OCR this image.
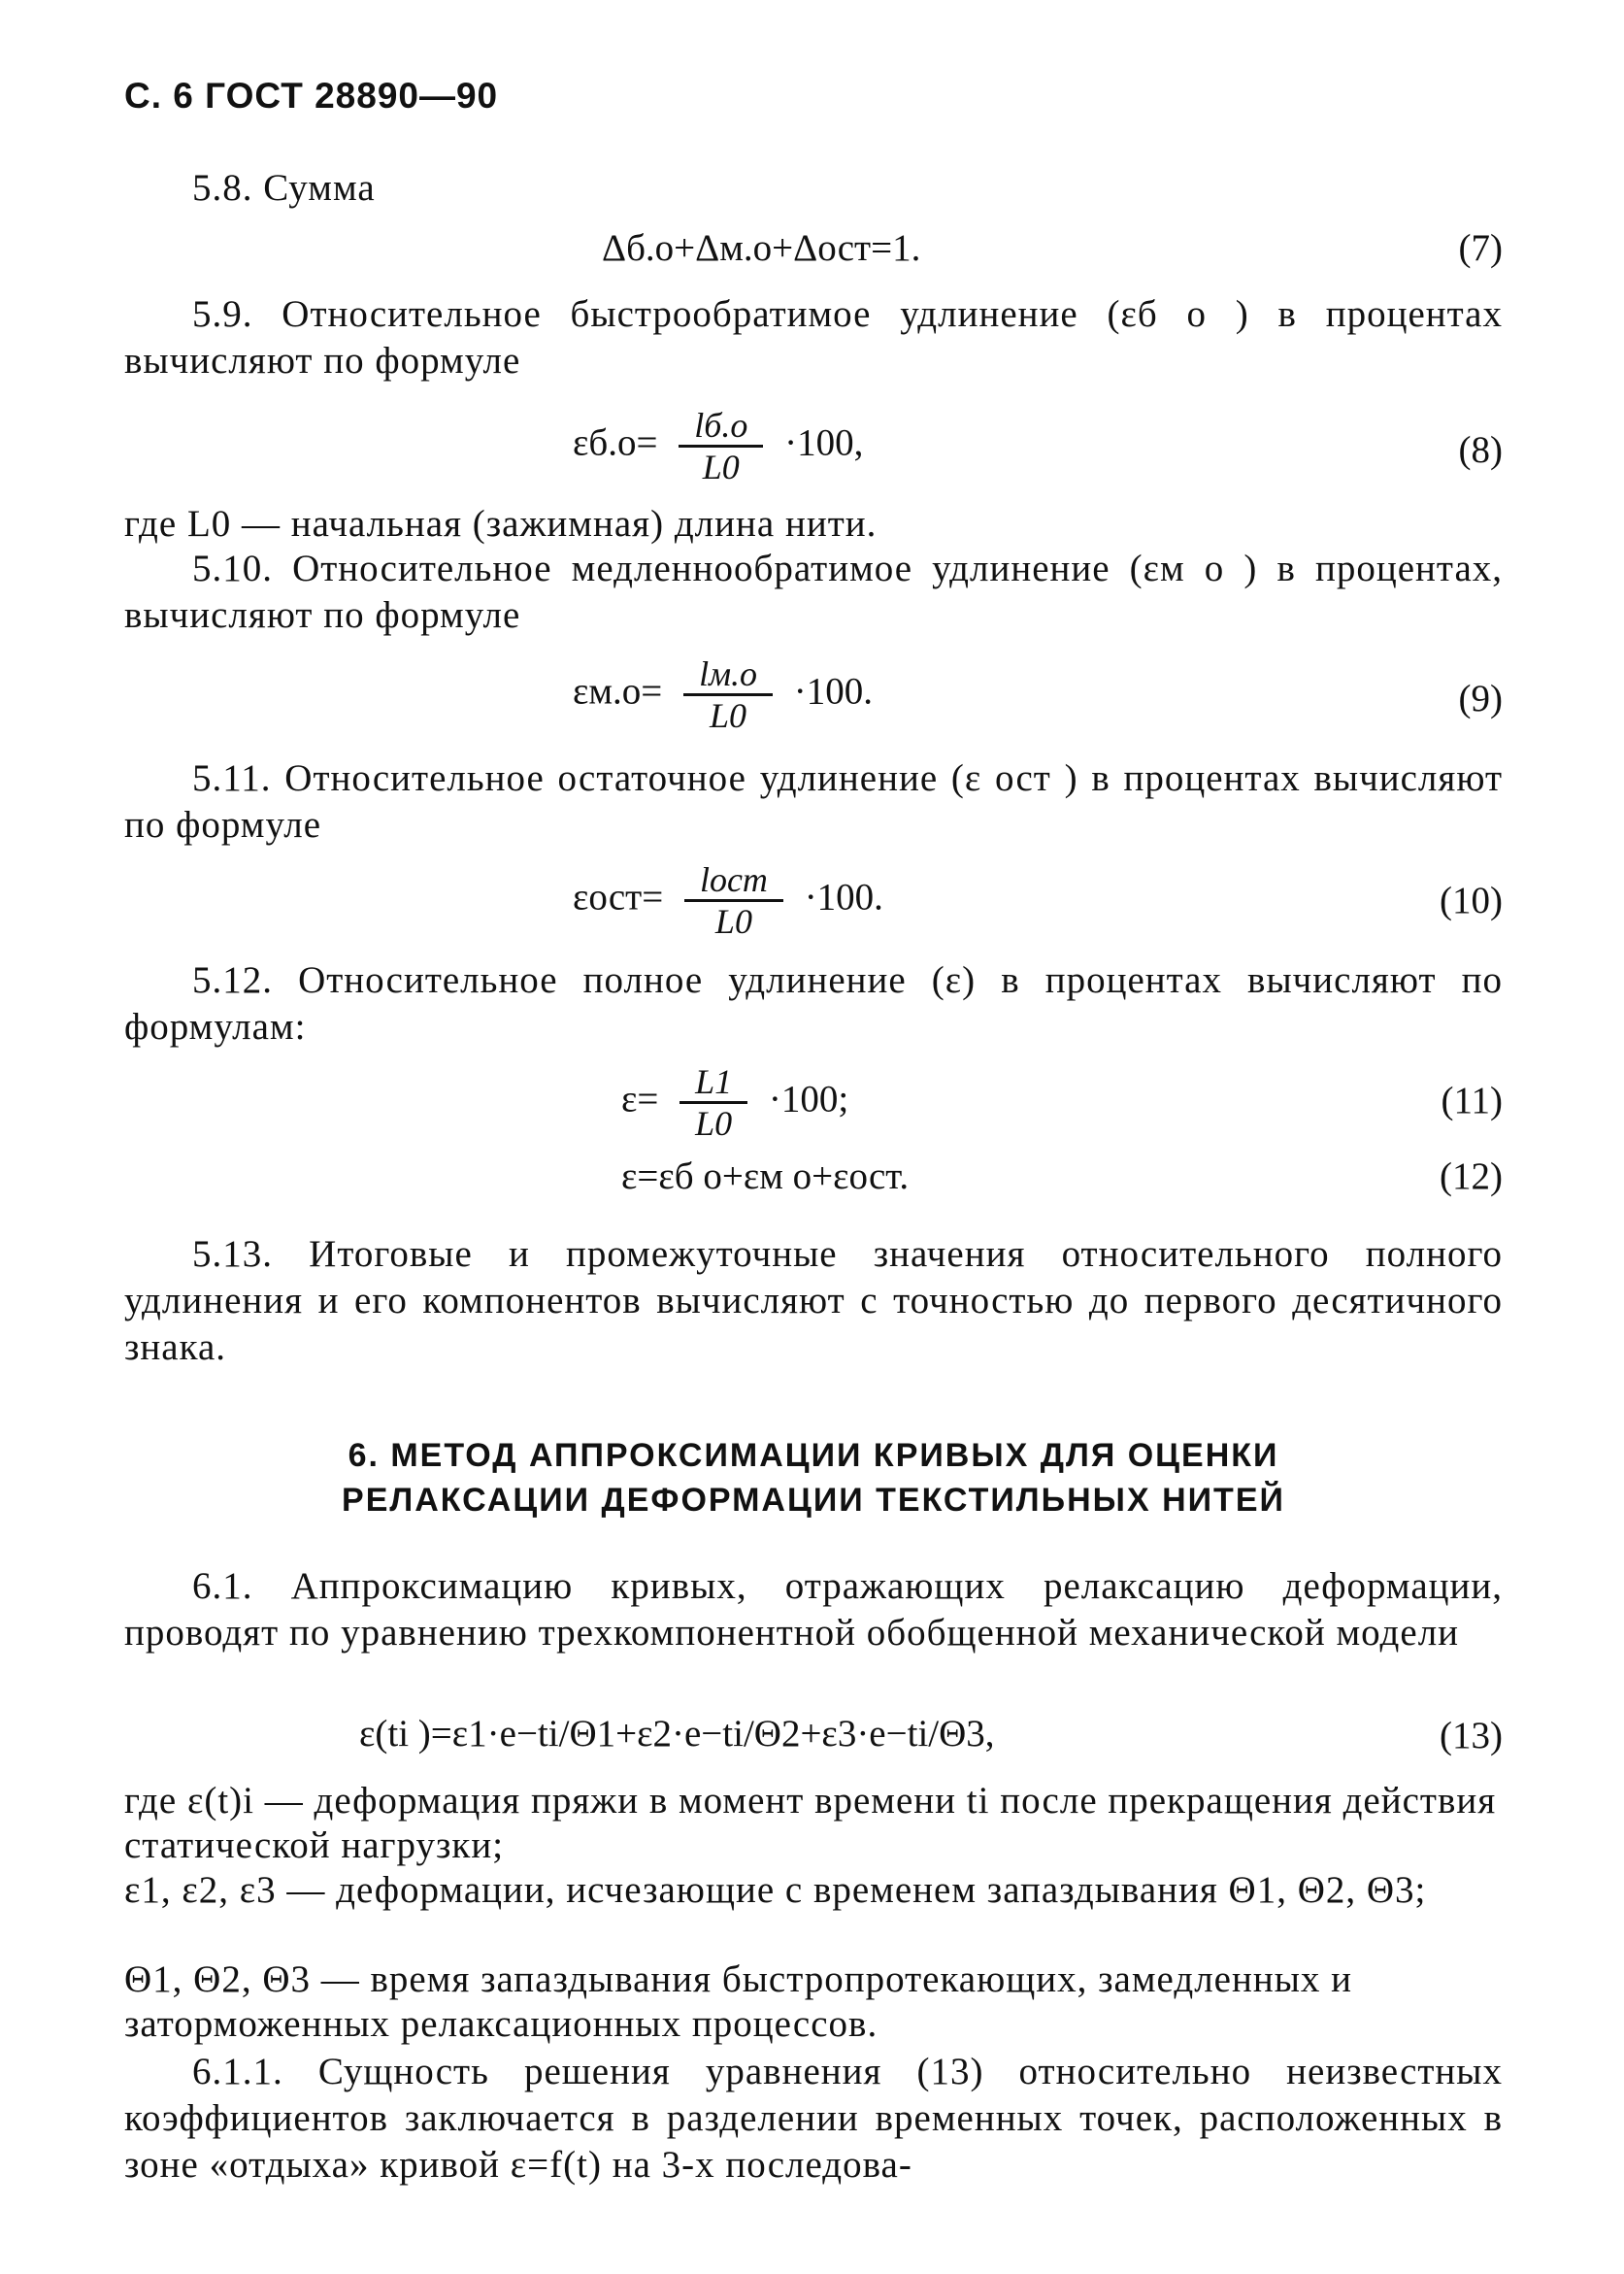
С. 6 ГОСТ 28890—90
5.8. Сумма
Δб.о+Δм.о+Δост=1.	(7)
5.9. Относительное быстрообратимое удлинение (εб о ) в процентах вычисляют по формуле
$\varepsilon б.о= \frac{lб.о}{L0} \cdot 100$,	(8)
где L0 — начальная (зажимная) длина нити.
5.10. Относительное медленнообратимое удлинение (εм о ) в процентах, вычисляют по формуле
$\varepsilon м.о= \frac{lм.о}{L0} \cdot 100$.	(9)
5.11. Относительное остаточное удлинение (ε ост ) в процентах вычисляют по формуле
$\varepsilon ост= \frac{\text{lост}}{L0} \cdot 100$.	(10)
5.12. Относительное полное удлинение (ε) в процентах вычисляют по формулам:
$\varepsilon= \frac{L1}{L0} \cdot 100$;	(11)
ε=εб о+εм о+εост.	(12)
5.13. Итоговые и промежуточные значения относительного полного удлинения и его компонентов вычисляют с точностью до первого десятичного знака.
6. МЕТОД АППРОКСИМАЦИИ КРИВЫХ ДЛЯ ОЦЕНКИ
РЕЛАКСАЦИИ ДЕФОРМАЦИИ ТЕКСТИЛЬНЫХ НИТЕЙ
6.1. Аппроксимацию кривых, отражающих релаксацию деформации, проводят по уравнению трехкомпонентной обобщенной механической модели
ε(ti )=ε1·e−ti/Θ1+ε2·e−ti/Θ2+ε3·e−ti/Θ3,	(13)
где ε(t)i — деформация пряжи в момент времени ti после прекращения действия статической нагрузки;
ε1, ε2, ε3 — деформации, исчезающие с временем запаздывания Θ1, Θ2, Θ3;
Θ1, Θ2, Θ3 — время запаздывания быстропротекающих, замедленных и заторможенных релаксационных процессов.
6.1.1. Сущность решения уравнения (13) относительно неизвестных коэффициентов заключается в разделении временных точек, расположенных в зоне «отдыха» кривой ε=f(t) на 3-х последова-
